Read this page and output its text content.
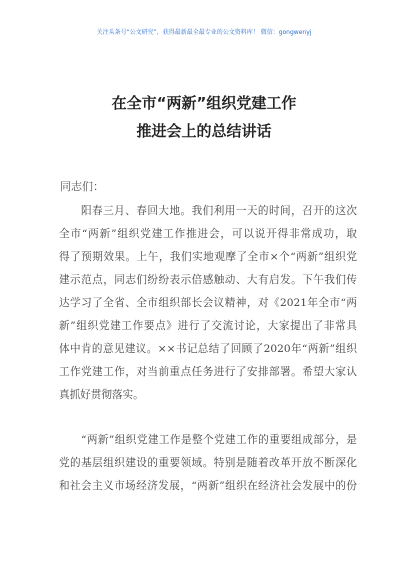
关注头条号“公文研究”，获得最新最全最专业的公文资料库！ 微信：gongwenyj
在全市“两新”组织党建工作
推进会上的总结讲话
同志们：
阳春三月、春回大地。我们利用一天的时间，召开的这次
全市“两新”组织党建工作推进会，可以说开得非常成功，取
得了预期效果。上午，我们实地观摩了全市×个“两新”组织党
建示范点，同志们纷纷表示倍感触动、大有启发。下午我们传
达学习了全省、全市组织部长会议精神，对《2021年全市“两
新”组织党建工作要点》进行了交流讨论，大家提出了非常具
体中肯的意见建议。××书记总结了回顾了2020年“两新”组织
工作党建工作，对当前重点任务进行了安排部署。希望大家认
真抓好贯彻落实。
“两新”组织党建工作是整个党建工作的重要组成部分，是
党的基层组织建设的重要领域。特别是随着改革开放不断深化
和社会主义市场经济发展，“两新”组织在经济社会发展中的份
